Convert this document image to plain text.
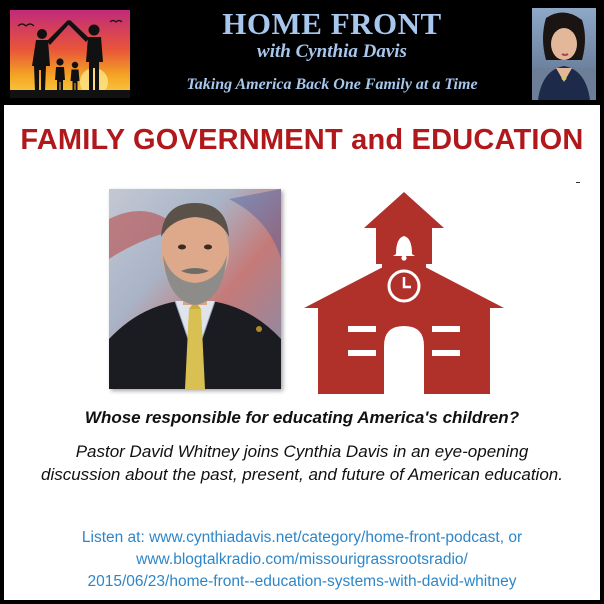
HOME FRONT
with Cynthia Davis
Taking America Back One Family at a Time
FAMILY GOVERNMENT and EDUCATION
Whose responsible for educating America's children?
Pastor David Whitney joins Cynthia Davis in an eye-opening
discussion about the past, present, and future of American education.
Listen at: www.cynthiadavis.net/category/home-front-podcast, or
www.blogtalkradio.com/missourigrassrootsradio/
2015/06/23/home-front--education-systems-with-david-whitney
